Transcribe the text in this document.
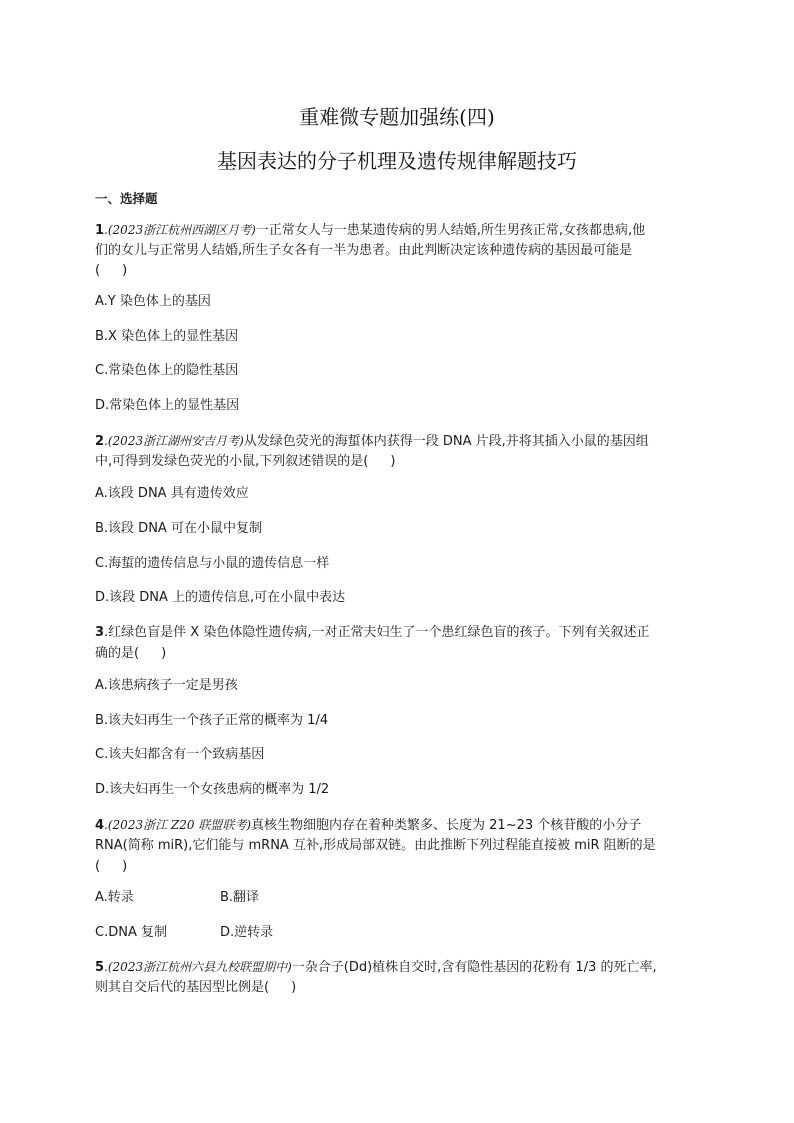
重难微专题加强练(四)
基因表达的分子机理及遗传规律解题技巧
一、选择题
1.(2023浙江杭州西湖区月考)一正常女人与一患某遗传病的男人结婚,所生男孩正常,女孩都患病,他
们的女儿与正常男人结婚,所生子女各有一半为患者。由此判断决定该种遗传病的基因最可能是
( )
A.Y 染色体上的基因
B.X 染色体上的显性基因
C.常染色体上的隐性基因
D.常染色体上的显性基因
2.(2023浙江湖州安吉月考)从发绿色荧光的海蜇体内获得一段 DNA 片段,并将其插入小鼠的基因组
中,可得到发绿色荧光的小鼠,下列叙述错误的是( )
A.该段 DNA 具有遗传效应
B.该段 DNA 可在小鼠中复制
C.海蜇的遗传信息与小鼠的遗传信息一样
D.该段 DNA 上的遗传信息,可在小鼠中表达
3.红绿色盲是伴 X 染色体隐性遗传病,一对正常夫妇生了一个患红绿色盲的孩子。下列有关叙述正
确的是( )
A.该患病孩子一定是男孩
B.该夫妇再生一个孩子正常的概率为 1/4
C.该夫妇都含有一个致病基因
D.该夫妇再生一个女孩患病的概率为 1/2
4.(2023浙江 Z20 联盟联考)真核生物细胞内存在着种类繁多、长度为 21~23 个核苷酸的小分子
RNA(简称 miR),它们能与 mRNA 互补,形成局部双链。由此推断下列过程能直接被 miR 阻断的是
( )
A.转录	B.翻译
C.DNA 复制	D.逆转录
5.(2023浙江杭州六县九校联盟期中)一杂合子(Dd)植株自交时,含有隐性基因的花粉有 1/3 的死亡率,
则其自交后代的基因型比例是( )
